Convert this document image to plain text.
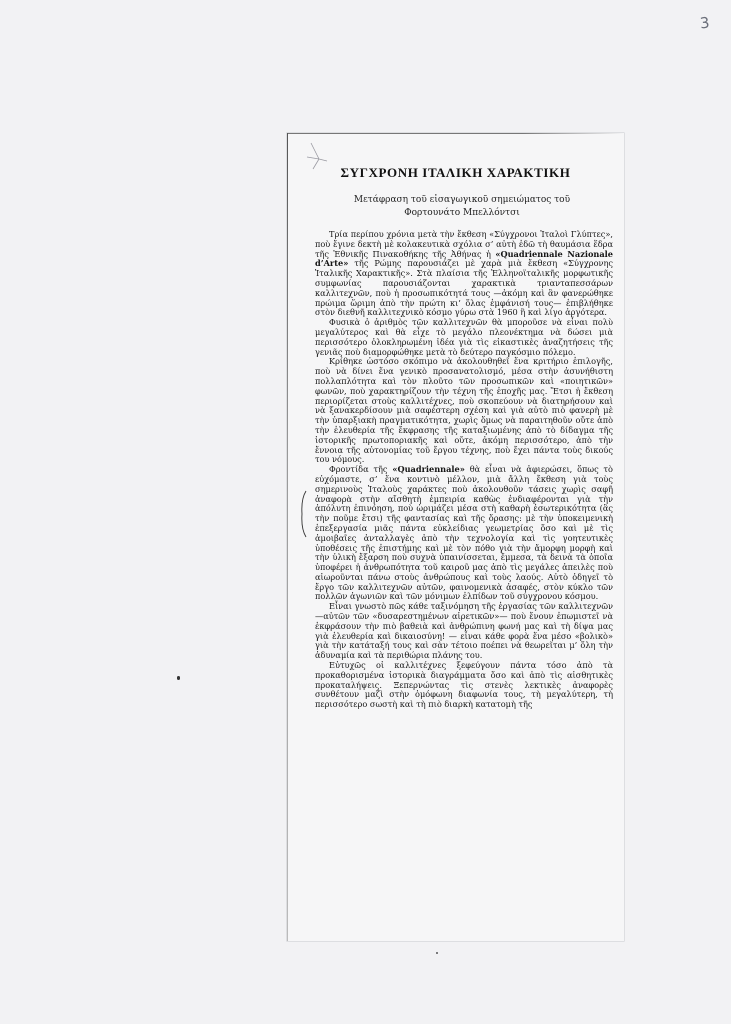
3
ΣΥΓΧΡΟΝΗ ΙΤΑΛΙΚΗ ΧΑΡΑΚΤΙΚΗ
Μετάφραση τοῦ εἰσαγωγικοῦ σημειώματος τοῦ Φορτουνάτο Μπελλόντσι

Τρία περίπου χρόνια μετὰ τὴν ἔκθεση «Σύγχρονοι Ἰταλοὶ Γλύπτες», ποὺ ἔγινε δεκτὴ μὲ κολακευτικὰ σχόλια σ’ αὐτὴ ἐδῶ τὴ θαυμάσια ἕδρα τῆς Ἐθνικῆς Πινακοθήκης τῆς Ἀθήνας ἡ «Quadriennale Nazionale d’Arte» τῆς Ρώμης παρουσιάζει μὲ χαρὰ μιὰ ἔκθεση «Σύγχρονης Ἰταλικῆς Χαρακτικῆς». Στὰ πλαίσια τῆς Ἑλληνοϊταλικῆς μορφωτικῆς συμφωνίας παρουσιάζονται χαρακτικὰ τριανταπεσσάρων καλλιτεχνῶν, ποὺ ἡ προσωπικότητά τους —ἀκόμη καὶ ἂν φανερώθηκε πρώιμα ὥριμη ἀπὸ τὴν πρώτη κι’ ὅλας ἐμφάνισή τους— ἐπιβλήθηκε στὸν διεθνῆ καλλιτεχνικὸ κόσμο γύρω στὰ 1960 ἢ καὶ λίγο ἀργότερα.

Φυσικὰ ὁ ἀριθμὸς τῶν καλλιτεχνῶν θὰ μποροῦσε νὰ εἶναι πολὺ μεγαλύτερος καὶ θὰ εἶχε τὸ μεγάλο πλεονέκτημα νὰ δώσει μιὰ περισσότερο ὁλοκληρωμένη ἰδέα γιὰ τὶς εἰκαστικὲς ἀναζητήσεις τῆς γενιᾶς ποὺ διαμορφώθηκε μετὰ τὸ δεύτερο παγκόσμιο πόλεμο.

Κρίθηκε ὡστόσο σκόπιμο νὰ ἀκολουθηθεῖ ἕνα κριτήριο ἐπιλογῆς, ποὺ νὰ δίνει ἕνα γενικὸ προσανατολισμό, μέσα στὴν ἀσυνήθιστη πολλαπλότητα καὶ τὸν πλοῦτο τῶν προσωπικῶν καὶ «ποιητικῶν» φωνῶν, ποὺ χαρακτηρίζουν τὴν τέχνη τῆς ἐποχῆς μας. Ἔτσι ἡ ἔκθεση περιορίζεται στοὺς καλλιτέχνες, ποὺ σκοπεύουν νὰ διατηρήσουν καὶ νὰ ξανακερδίσουν μιὰ σαφέστερη σχέση καὶ γιὰ αὐτὸ πιὸ φανερὴ μὲ τὴν ὑπαρξιακὴ πραγματικότητα, χωρὶς ὅμως νὰ παραιτηθοῦν οὔτε ἀπὸ τὴν ἐλευθερία τῆς ἔκφρασης τῆς καταξιωμένης ἀπὸ τὸ δίδαγμα τῆς ἱστορικῆς πρωτοποριακῆς καὶ οὔτε, ἀκόμη περισσότερο, ἀπὸ τὴν ἔννοια τῆς αὐτονομίας τοῦ ἔργου τέχνης, ποὺ ἔχει πάντα τοὺς δικούς του νόμους.

Φροντίδα τῆς «Quadriennale» θὰ εἶναι νὰ ἀφιερώσει, ὅπως τὸ εὐχόμαστε, σ’ ἕνα κοντινὸ μέλλον, μιὰ ἄλλη ἔκθεση γιὰ τοὺς σημερινοὺς Ἰταλοὺς χαράκτες ποὺ ἀκολουθοῦν τάσεις χωρὶς σαφῆ ἀναφορὰ στὴν αἴσθητὴ ἐμπειρία καθὼς ἐνδιαφέρονται γιὰ τὴν ἀπόλυτη ἐπινόηση, ποὺ ὡριμάζει μέσα στὴ καθαρὴ ἐσωτερικότητα (ἂς τὴν ποῦμε ἔτσι) τῆς φαντασίας καὶ τῆς ὅρασης: μὲ τὴν ὑποκειμενικὴ ἐπεξεργασία μιᾶς πάντα εὐκλείδιας γεωμετρίας ὅσο καὶ μὲ τὶς ἀμοιβαῖες ἀνταλλαγὲς ἀπὸ τὴν τεχνολογία καὶ τὶς γοητευτικὲς ὑποθέσεις τῆς ἐπιστήμης καὶ μὲ τὸν πόθο γιὰ τὴν ἄμορφη μορφὴ καὶ τὴν ὑλικὴ ἔξαρση ποὺ συχνὰ ὑπαινίσσεται, ἔμμεσα, τὰ δεινὰ τὰ ὁποῖα ὑποφέρει ἡ ἀνθρωπότητα τοῦ καιροῦ μας ἀπὸ τὶς μεγάλες ἀπειλὲς ποὺ αἰωροῦνται πάνω στοὺς ἀνθρώπους καὶ τοὺς λαούς. Αὐτὸ ὁδηγεῖ τὸ ἔργο τῶν καλλιτεχνῶν αὐτῶν, φαινομενικὰ ἀσαφές, στὸν κύκλο τῶν πολλῶν ἀγωνιῶν καὶ τῶν μόνιμων ἐλπίδων τοῦ σύγχρονου κόσμου.

Εἶναι γνωστὸ πῶς κάθε ταξινόμηση τῆς ἐργασίας τῶν καλλιτεχνῶν —αὐτῶν τῶν «δυσαρεστημένων αἱρετικῶν»— ποὺ ἔνουν ἐπωμιστεῖ νὰ ἐκφράσουν τὴν πιὸ βαθειὰ καὶ ἀνθρώπινη φωνή μας καὶ τὴ δίψα μας γιὰ ἐλευθερία καὶ δικαιοσύνη! — εἶναι κάθε φορὰ ἕνα μέσο «βολικὸ» γιὰ τὴν κατάταξή τους καὶ σὰν τέτοιο ποέπει νὰ θεωρεῖται μ’ ὅλη τὴν ἀδυναμία καὶ τὰ περιθώρια πλάνης του.

Εὐτυχῶς οἱ καλλιτέχνες ξεφεύγουν πάντα τόσο ἀπὸ τὰ προκαθορισμένα ἱστορικὰ διαγράμματα ὅσο καὶ ἀπὸ τὶς αἰσθητικὲς προκαταλήψεις. Ξεπερνώντας τὶς στενὲς λεκτικὲς ἀναφορὲς συνθέτουν μαζὶ στὴν ὁμόφωνη διαφωνία τους, τὴ μεγαλύτερη, τὴ περισσότερο σωστὴ καὶ τὴ πιὸ διαρκὴ κατατομὴ τῆς
